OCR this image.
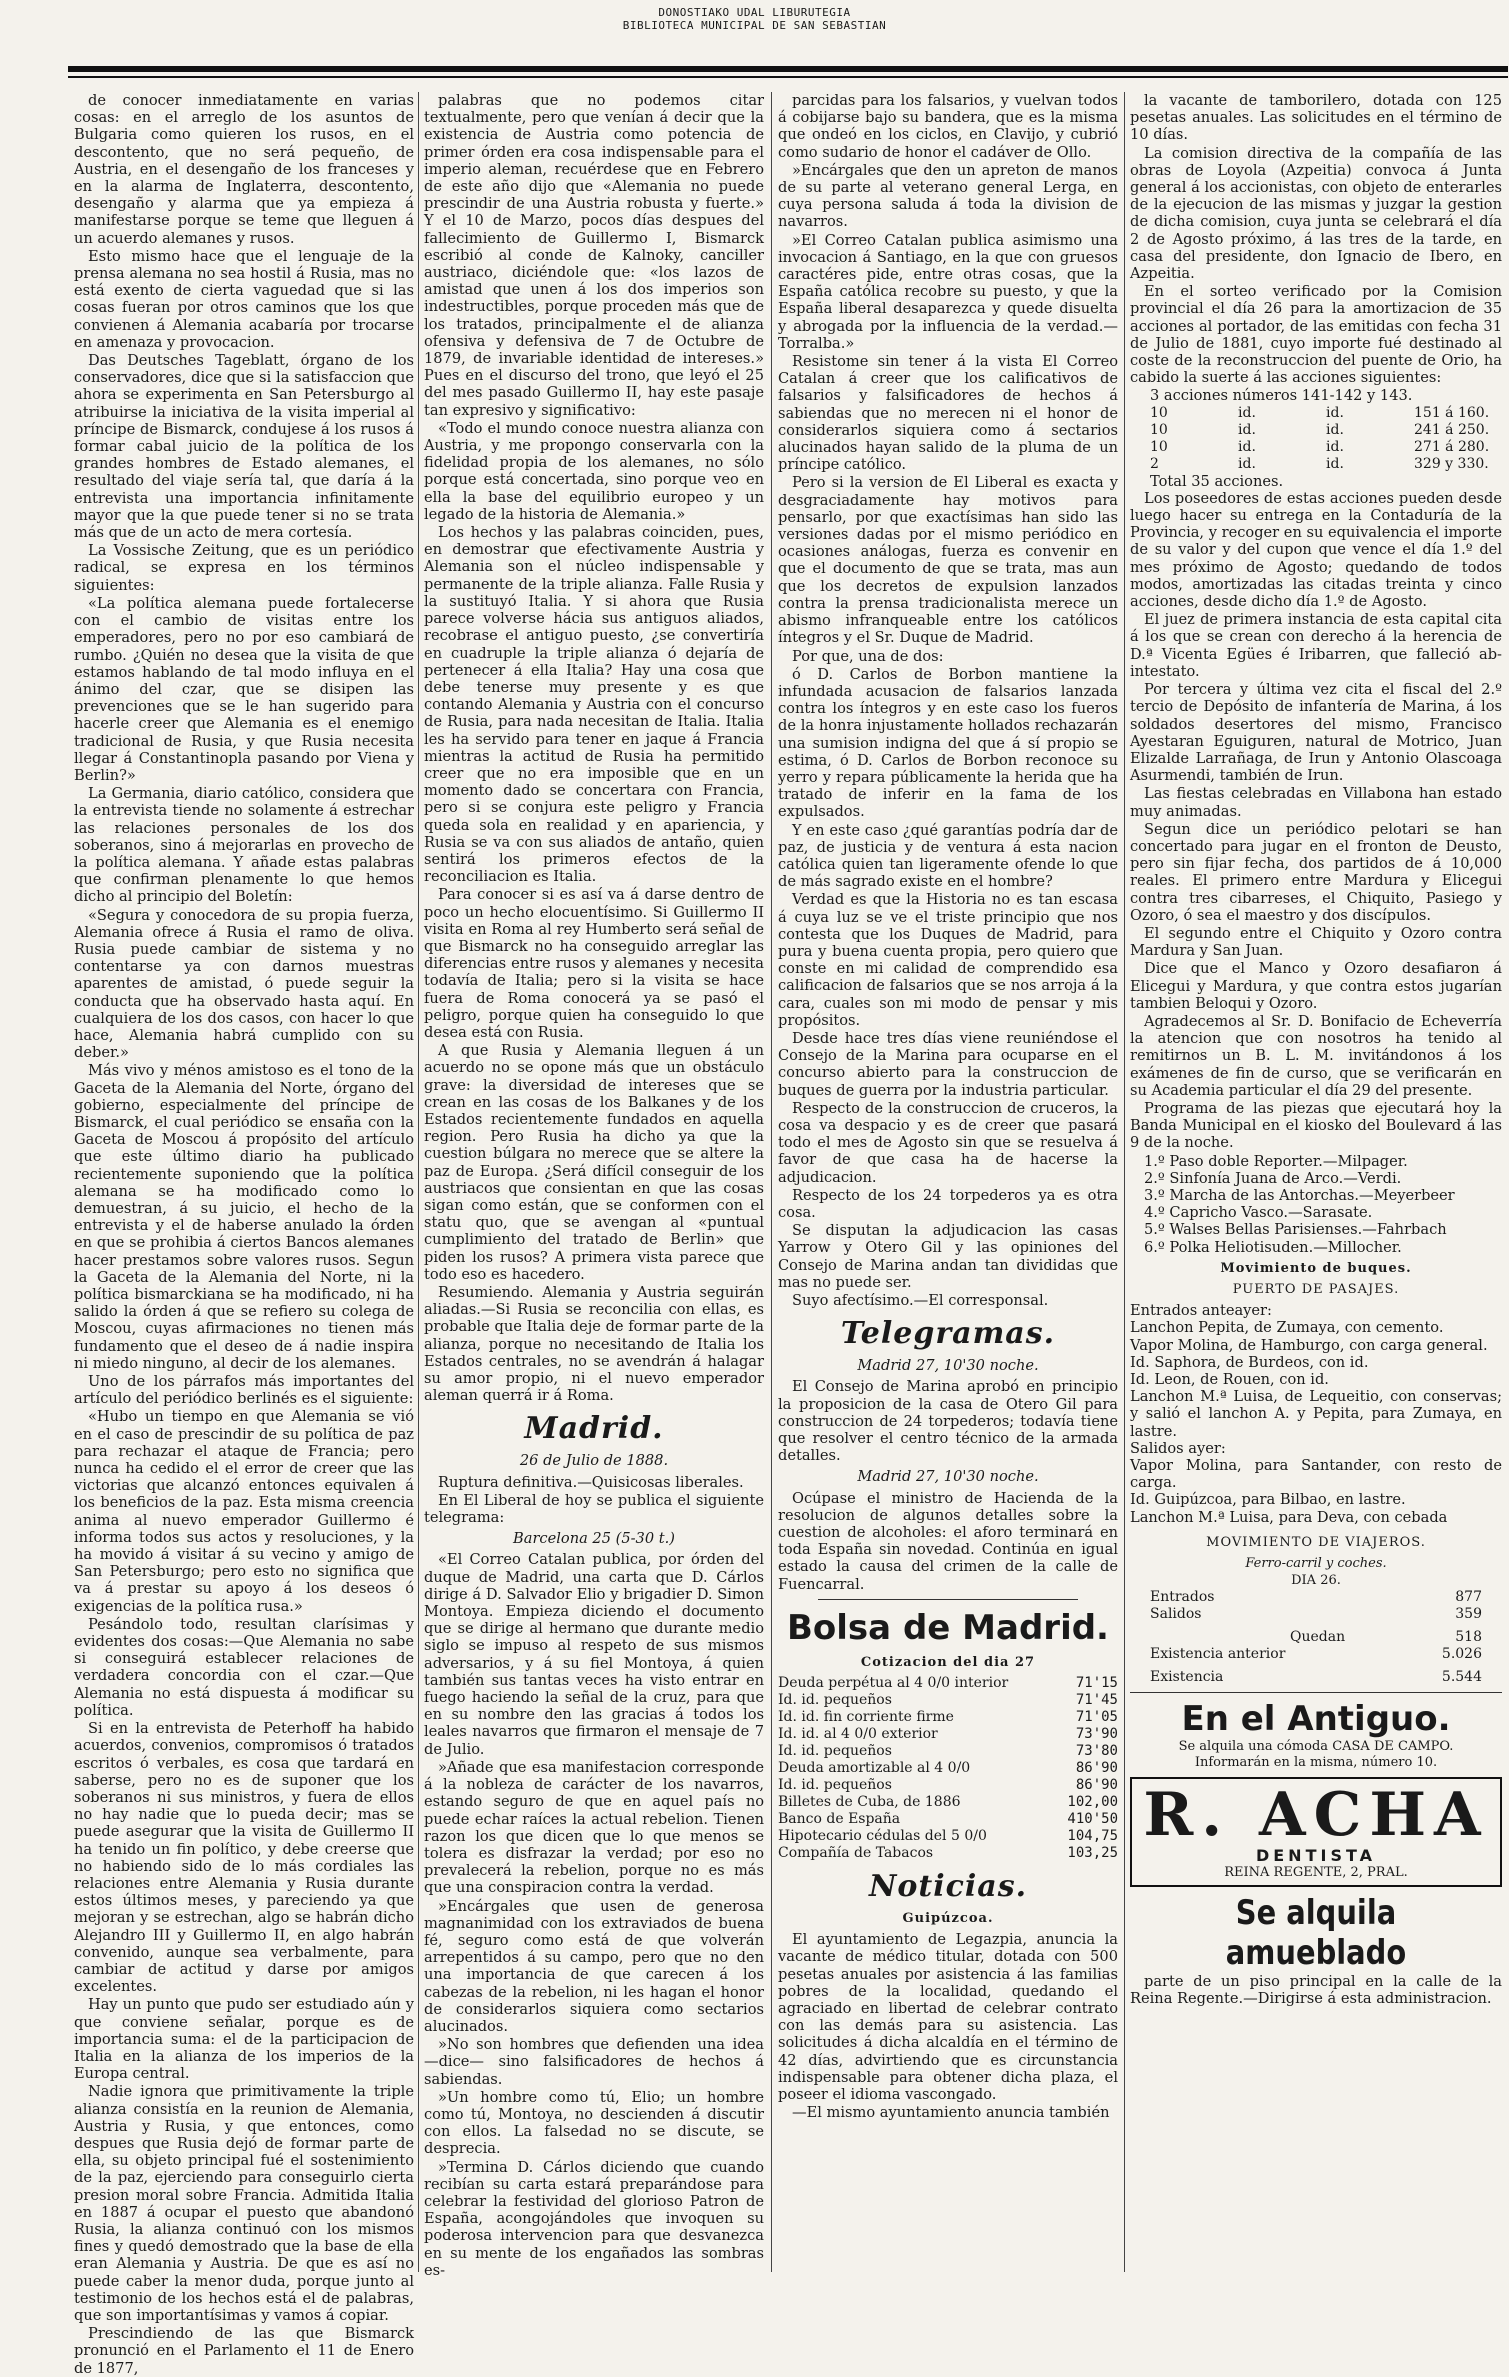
DONOSTIAKO UDAL LIBURUTEGIA
BIBLIOTECA MUNICIPAL DE SAN SEBASTIAN

de conocer inmediatamente en varias cosas: en el arreglo de los asuntos de Bulgaria como quieren los rusos, en el descontento, que no será pequeño, de Austria, en el desengaño de los franceses y en la alarma de Inglaterra, descontento, desengaño y alarma que ya empieza á manifestarse porque se teme que lleguen á un acuerdo alemanes y rusos.

Esto mismo hace que el lenguaje de la prensa alemana no sea hostil á Rusia, mas no está exento de cierta vaguedad que si las cosas fueran por otros caminos que los que convienen á Alemania acabaría por trocarse en amenaza y provocacion.

Das Deutsches Tageblatt, órgano de los conservadores, dice que si la satisfaccion que ahora se experimenta en San Petersburgo al atribuirse la iniciativa de la visita imperial al príncipe de Bismarck, condujese á los rusos á formar cabal juicio de la política de los grandes hombres de Estado alemanes, el resultado del viaje sería tal, que daría á la entrevista una importancia infinitamente mayor que la que puede tener si no se trata más que de un acto de mera cortesía.

La Vossische Zeitung, que es un periódico radical, se expresa en los términos siguientes:

«La política alemana puede fortalecerse con el cambio de visitas entre los emperadores, pero no por eso cambiará de rumbo. ¿Quién no desea que la visita de que estamos hablando de tal modo influya en el ánimo del czar, que se disipen las prevenciones que se le han sugerido para hacerle creer que Alemania es el enemigo tradicional de Rusia, y que Rusia necesita llegar á Constantinopla pasando por Viena y Berlin?»

La Germania, diario católico, considera que la entrevista tiende no solamente á estrechar las relaciones personales de los dos soberanos, sino á mejorarlas en provecho de la política alemana. Y añade estas palabras que confirman plenamente lo que hemos dicho al principio del Boletín:

«Segura y conocedora de su propia fuerza, Alemania ofrece á Rusia el ramo de oliva. Rusia puede cambiar de sistema y no contentarse ya con darnos muestras aparentes de amistad, ó puede seguir la conducta que ha observado hasta aquí. En cualquiera de los dos casos, con hacer lo que hace, Alemania habrá cumplido con su deber.»

Más vivo y ménos amistoso es el tono de la Gaceta de la Alemania del Norte, órgano del gobierno, especialmente del príncipe de Bismarck, el cual periódico se ensaña con la Gaceta de Moscou á propósito del artículo que este último diario ha publicado recientemente suponiendo que la política alemana se ha modificado como lo demuestran, á su juicio, el hecho de la entrevista y el de haberse anulado la órden en que se prohibia á ciertos Bancos alemanes hacer prestamos sobre valores rusos. Segun la Gaceta de la Alemania del Norte, ni la política bismarckiana se ha modificado, ni ha salido la órden á que se refiero su colega de Moscou, cuyas afirmaciones no tienen más fundamento que el deseo de á nadie inspira ni miedo ninguno, al decir de los alemanes.

Uno de los párrafos más importantes del artículo del periódico berlinés es el siguiente:

«Hubo un tiempo en que Alemania se vió en el caso de prescindir de su política de paz para rechazar el ataque de Francia; pero nunca ha cedido el el error de creer que las victorias que alcanzó entonces equivalen á los beneficios de la paz. Esta misma creencia anima al nuevo emperador Guillermo é informa todos sus actos y resoluciones, y la ha movido á visitar á su vecino y amigo de San Petersburgo; pero esto no significa que va á prestar su apoyo á los deseos ó exigencias de la política rusa.»

Pesándolo todo, resultan clarísimas y evidentes dos cosas:—Que Alemania no sabe si conseguirá establecer relaciones de verdadera concordia con el czar.—Que Alemania no está dispuesta á modificar su política.

Si en la entrevista de Peterhoff ha habido acuerdos, convenios, compromisos ó tratados escritos ó verbales, es cosa que tardará en saberse, pero no es de suponer que los soberanos ni sus ministros, y fuera de ellos no hay nadie que lo pueda decir; mas se puede asegurar que la visita de Guillermo II ha tenido un fin político, y debe creerse que no habiendo sido de lo más cordiales las relaciones entre Alemania y Rusia durante estos últimos meses, y pareciendo ya que mejoran y se estrechan, algo se habrán dicho Alejandro III y Guillermo II, en algo habrán convenido, aunque sea verbalmente, para cambiar de actitud y darse por amigos excelentes.

Hay un punto que pudo ser estudiado aún y que conviene señalar, porque es de importancia suma: el de la participacion de Italia en la alianza de los imperios de la Europa central.

Nadie ignora que primitivamente la triple alianza consistía en la reunion de Alemania, Austria y Rusia, y que entonces, como despues que Rusia dejó de formar parte de ella, su objeto principal fué el sostenimiento de la paz, ejerciendo para conseguirlo cierta presion moral sobre Francia. Admitida Italia en 1887 á ocupar el puesto que abandonó Rusia, la alianza continuó con los mismos fines y quedó demostrado que la base de ella eran Alemania y Austria. De que es así no puede caber la menor duda, porque junto al testimonio de los hechos está el de palabras, que son importantísimas y vamos á copiar.

Prescindiendo de las que Bismarck pronunció en el Parlamento el 11 de Enero de 1877,

palabras que no podemos citar textualmente, pero que venían á decir que la existencia de Austria como potencia de primer órden era cosa indispensable para el imperio aleman, recuérdese que en Febrero de este año dijo que «Alemania no puede prescindir de una Austria robusta y fuerte.» Y el 10 de Marzo, pocos días despues del fallecimiento de Guillermo I, Bismarck escribió al conde de Kalnoky, canciller austriaco, diciéndole que: «los lazos de amistad que unen á los dos imperios son indestructibles, porque proceden más que de los tratados, principalmente el de alianza ofensiva y defensiva de 7 de Octubre de 1879, de invariable identidad de intereses.» Pues en el discurso del trono, que leyó el 25 del mes pasado Guillermo II, hay este pasaje tan expresivo y significativo:

«Todo el mundo conoce nuestra alianza con Austria, y me propongo conservarla con la fidelidad propia de los alemanes, no sólo porque está concertada, sino porque veo en ella la base del equilibrio europeo y un legado de la historia de Alemania.»

Los hechos y las palabras coinciden, pues, en demostrar que efectivamente Austria y Alemania son el núcleo indispensable y permanente de la triple alianza. Falle Rusia y la sustituyó Italia. Y si ahora que Rusia parece volverse hácia sus antiguos aliados, recobrase el antiguo puesto, ¿se convertiría en cuadruple la triple alianza ó dejaría de pertenecer á ella Italia? Hay una cosa que debe tenerse muy presente y es que contando Alemania y Austria con el concurso de Rusia, para nada necesitan de Italia. Italia les ha servido para tener en jaque á Francia mientras la actitud de Rusia ha permitido creer que no era imposible que en un momento dado se concertara con Francia, pero si se conjura este peligro y Francia queda sola en realidad y en apariencia, y Rusia se va con sus aliados de antaño, quien sentirá los primeros efectos de la reconciliacion es Italia.

Para conocer si es así va á darse dentro de poco un hecho elocuentísimo. Si Guillermo II visita en Roma al rey Humberto será señal de que Bismarck no ha conseguido arreglar las diferencias entre rusos y alemanes y necesita todavía de Italia; pero si la visita se hace fuera de Roma conocerá ya se pasó el peligro, porque quien ha conseguido lo que desea está con Rusia.

A que Rusia y Alemania lleguen á un acuerdo no se opone más que un obstáculo grave: la diversidad de intereses que se crean en las cosas de los Balkanes y de los Estados recientemente fundados en aquella region. Pero Rusia ha dicho ya que la cuestion búlgara no merece que se altere la paz de Europa. ¿Será difícil conseguir de los austriacos que consientan en que las cosas sigan como están, que se conformen con el statu quo, que se avengan al «puntual cumplimiento del tratado de Berlin» que piden los rusos? A primera vista parece que todo eso es hacedero.

Resumiendo. Alemania y Austria seguirán aliadas.—Si Rusia se reconcilia con ellas, es probable que Italia deje de formar parte de la alianza, porque no necesitando de Italia los Estados centrales, no se avendrán á halagar su amor propio, ni el nuevo emperador aleman querrá ir á Roma.

Madrid.
26 de Julio de 1888.

Ruptura definitiva.—Quisicosas liberales.

En El Liberal de hoy se publica el siguiente telegrama:

Barcelona 25 (5-30 t.)

«El Correo Catalan publica, por órden del duque de Madrid, una carta que D. Cárlos dirige á D. Salvador Elio y brigadier D. Simon Montoya. Empieza diciendo el documento que se dirige al hermano que durante medio siglo se impuso al respeto de sus mismos adversarios, y á su fiel Montoya, á quien también sus tantas veces ha visto entrar en fuego haciendo la señal de la cruz, para que en su nombre den las gracias á todos los leales navarros que firmaron el mensaje de 7 de Julio.

»Añade que esa manifestacion corresponde á la nobleza de carácter de los navarros, estando seguro de que en aquel país no puede echar raíces la actual rebelion. Tienen razon los que dicen que lo que menos se tolera es disfrazar la verdad; por eso no prevalecerá la rebelion, porque no es más que una conspiracion contra la verdad.

»Encárgales que usen de generosa magnanimidad con los extraviados de buena fé, seguro como está de que volverán arrepentidos á su campo, pero que no den una importancia de que carecen á los cabezas de la rebelion, ni les hagan el honor de considerarlos siquiera como sectarios alucinados.

»No son hombres que defienden una idea —dice— sino falsificadores de hechos á sabiendas.

»Un hombre como tú, Elio; un hombre como tú, Montoya, no descienden á discutir con ellos. La falsedad no se discute, se desprecia.

»Termina D. Cárlos diciendo que cuando recibían su carta estará preparándose para celebrar la festividad del glorioso Patron de España, acongojándoles que invoquen su poderosa intervencion para que desvanezca en su mente de los engañados las sombras es-

parcidas para los falsarios, y vuelvan todos á cobijarse bajo su bandera, que es la misma que ondeó en los ciclos, en Clavijo, y cubrió como sudario de honor el cadáver de Ollo.

»Encárgales que den un apreton de manos de su parte al veterano general Lerga, en cuya persona saluda á toda la division de navarros.

»El Correo Catalan publica asimismo una invocacion á Santiago, en la que con gruesos caractéres pide, entre otras cosas, que la España católica recobre su puesto, y que la España liberal desaparezca y quede disuelta y abrogada por la influencia de la verdad.—Torralba.»

Resistome sin tener á la vista El Correo Catalan á creer que los calificativos de falsarios y falsificadores de hechos á sabiendas que no merecen ni el honor de considerarlos siquiera como á sectarios alucinados hayan salido de la pluma de un príncipe católico.

Pero si la version de El Liberal es exacta y desgraciadamente hay motivos para pensarlo, por que exactísimas han sido las versiones dadas por el mismo periódico en ocasiones análogas, fuerza es convenir en que el documento de que se trata, mas aun que los decretos de expulsion lanzados contra la prensa tradicionalista merece un abismo infranqueable entre los católicos íntegros y el Sr. Duque de Madrid.

Por que, una de dos:

ó D. Carlos de Borbon mantiene la infundada acusacion de falsarios lanzada contra los íntegros y en este caso los fueros de la honra injustamente hollados rechazarán una sumision indigna del que á sí propio se estima, ó D. Carlos de Borbon reconoce su yerro y repara públicamente la herida que ha tratado de inferir en la fama de los expulsados.

Y en este caso ¿qué garantías podría dar de paz, de justicia y de ventura á esta nacion católica quien tan ligeramente ofende lo que de más sagrado existe en el hombre?

Verdad es que la Historia no es tan escasa á cuya luz se ve el triste principio que nos contesta que los Duques de Madrid, para pura y buena cuenta propia, pero quiero que conste en mi calidad de comprendido esa calificacion de falsarios que se nos arroja á la cara, cuales son mi modo de pensar y mis propósitos.

Desde hace tres días viene reuniéndose el Consejo de la Marina para ocuparse en el concurso abierto para la construccion de buques de guerra por la industria particular.

Respecto de la construccion de cruceros, la cosa va despacio y es de creer que pasará todo el mes de Agosto sin que se resuelva á favor de que casa ha de hacerse la adjudicacion.

Respecto de los 24 torpederos ya es otra cosa.

Se disputan la adjudicacion las casas Yarrow y Otero Gil y las opiniones del Consejo de Marina andan tan divididas que mas no puede ser.

Suyo afectísimo.—El corresponsal.

Telegramas.
Madrid 27, 10'30 noche.

El Consejo de Marina aprobó en principio la proposicion de la casa de Otero Gil para construccion de 24 torpederos; todavía tiene que resolver el centro técnico de la armada detalles.

Madrid 27, 10'30 noche.

Ocúpase el ministro de Hacienda de la resolucion de algunos detalles sobre la cuestion de alcoholes: el aforo terminará en toda España sin novedad. Continúa en igual estado la causa del crimen de la calle de Fuencarral.

Bolsa de Madrid.
Cotizacion del dia 27
Deuda perpétua al 4 0/0 interior	71'15
Id. id. pequeños	71'45
Id. id. fin corriente firme	71'05
Id. id. al 4 0/0 exterior	73'90
Id. id. pequeños	73'80
Deuda amortizable al 4 0/0	86'90
Id. id. pequeños	86'90
Billetes de Cuba, de 1886	102,00
Banco de España	410'50
Hipotecario cédulas del 5 0/0	104,75
Compañía de Tabacos	103,25
Noticias.
Guipúzcoa.

El ayuntamiento de Legazpia, anuncia la vacante de médico titular, dotada con 500 pesetas anuales por asistencia á las familias pobres de la localidad, quedando el agraciado en libertad de celebrar contrato con las demás para su asistencia. Las solicitudes á dicha alcaldía en el término de 42 días, advirtiendo que es circunstancia indispensable para obtener dicha plaza, el poseer el idioma vascongado.

—El mismo ayuntamiento anuncia también

la vacante de tamborilero, dotada con 125 pesetas anuales. Las solicitudes en el término de 10 días.

La comision directiva de la compañía de las obras de Loyola (Azpeitia) convoca á Junta general á los accionistas, con objeto de enterarles de la ejecucion de las mismas y juzgar la gestion de dicha comision, cuya junta se celebrará el día 2 de Agosto próximo, á las tres de la tarde, en casa del presidente, don Ignacio de Ibero, en Azpeitia.

En el sorteo verificado por la Comision provincial el día 26 para la amortizacion de 35 acciones al portador, de las emitidas con fecha 31 de Julio de 1881, cuyo importe fué destinado al coste de la reconstruccion del puente de Orio, ha cabido la suerte á las acciones siguientes:

3 acciones números 141-142 y 143.
10	id.	id.	151 á 160.
10	id.	id.	241 á 250.
10	id.	id.	271 á 280.
2	id.	id.	329 y 330.
Total 35 acciones.

Los poseedores de estas acciones pueden desde luego hacer su entrega en la Contaduría de la Provincia, y recoger en su equivalencia el importe de su valor y del cupon que vence el día 1.º del mes próximo de Agosto; quedando de todos modos, amortizadas las citadas treinta y cinco acciones, desde dicho día 1.º de Agosto.

El juez de primera instancia de esta capital cita á los que se crean con derecho á la herencia de D.ª Vicenta Egües é Iribarren, que falleció ab-intestato.

Por tercera y última vez cita el fiscal del 2.º tercio de Depósito de infantería de Marina, á los soldados desertores del mismo, Francisco Ayestaran Eguiguren, natural de Motrico, Juan Elizalde Larrañaga, de Irun y Antonio Olascoaga Asurmendi, también de Irun.

Las fiestas celebradas en Villabona han estado muy animadas.

Segun dice un periódico pelotari se han concertado para jugar en el fronton de Deusto, pero sin fijar fecha, dos partidos de á 10,000 reales. El primero entre Mardura y Elicegui contra tres cibarreses, el Chiquito, Pasiego y Ozoro, ó sea el maestro y dos discípulos.

El segundo entre el Chiquito y Ozoro contra Mardura y San Juan.

Dice que el Manco y Ozoro desafiaron á Elicegui y Mardura, y que contra estos jugarían tambien Beloqui y Ozoro.

Agradecemos al Sr. D. Bonifacio de Echeverría la atencion que con nosotros ha tenido al remitirnos un B. L. M. invitándonos á los exámenes de fin de curso, que se verificarán en su Academia particular el día 29 del presente.

Programa de las piezas que ejecutará hoy la Banda Municipal en el kiosko del Boulevard á las 9 de la noche.

1.º Paso doble Reporter.—Milpager.
2.º Sinfonía Juana de Arco.—Verdi.
3.º Marcha de las Antorchas.—Meyerbeer
4.º Capricho Vasco.—Sarasate.
5.º Walses Bellas Parisienses.—Fahrbach
6.º Polka Heliotisuden.—Millocher.
Movimiento de buques.
PUERTO DE PASAJES.
Entrados anteayer:
Lanchon Pepita, de Zumaya, con cemento.
Vapor Molina, de Hamburgo, con carga general.
Id. Saphora, de Burdeos, con id.
Id. Leon, de Rouen, con id.
Lanchon M.ª Luisa, de Lequeitio, con conservas; y salió el lanchon A. y Pepita, para Zumaya, en lastre.
Salidos ayer:
Vapor Molina, para Santander, con resto de carga.
Id. Guipúzcoa, para Bilbao, en lastre.
Lanchon M.ª Luisa, para Deva, con cebada
MOVIMIENTO DE VIAJEROS.
Ferro-carril y coches.
DIA 26.
Entrados	877
Salidos	359
Quedan	518
Existencia anterior	5.026
Existencia	5.544
En el Antiguo.
Se alquila una cómoda CASA DE CAMPO.
Informarán en la misma, número 10.
R. ACHA
DENTISTA
REINA REGENTE, 2, PRAL.
Se alquila amueblado

parte de un piso principal en la calle de la Reina Regente.—Dirigirse á esta administracion.
